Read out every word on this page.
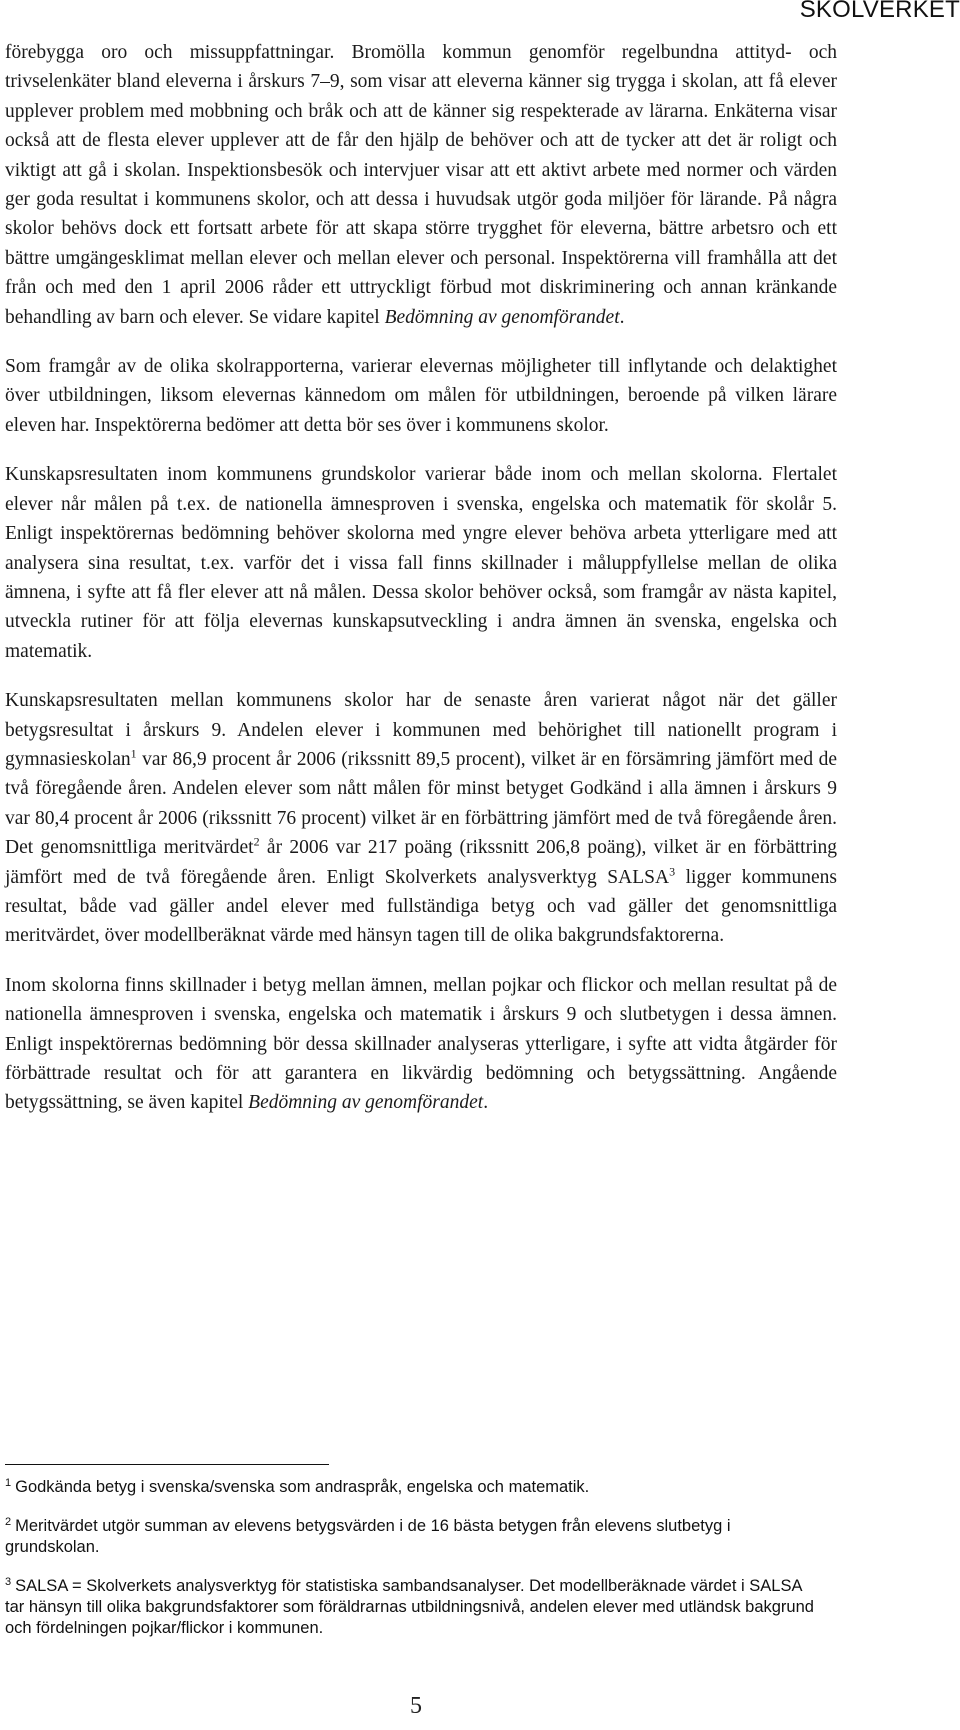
SKOLVERKET

förebygga oro och missuppfattningar. Bromölla kommun genomför regelbundna attityd- och trivselenkäter bland eleverna i årskurs 7–9, som visar att eleverna känner sig trygga i skolan, att få elever upplever problem med mobbning och bråk och att de känner sig respekterade av lärarna. Enkäterna visar också att de flesta elever upplever att de får den hjälp de behöver och att de tycker att det är roligt och viktigt att gå i skolan. Inspektionsbesök och intervjuer visar att ett aktivt arbete med normer och värden ger goda resultat i kommunens skolor, och att dessa i huvudsak utgör goda miljöer för lärande. På några skolor behövs dock ett fortsatt arbete för att skapa större trygghet för eleverna, bättre arbetsro och ett bättre umgängesklimat mellan elever och mellan elever och personal. Inspektörerna vill framhålla att det från och med den 1 april 2006 råder ett uttryckligt förbud mot diskriminering och annan kränkande behandling av barn och elever. Se vidare kapitel Bedömning av genomförandet.

Som framgår av de olika skolrapporterna, varierar elevernas möjligheter till inflytande och delaktighet över utbildningen, liksom elevernas kännedom om målen för utbildningen, beroende på vilken lärare eleven har. Inspektörerna bedömer att detta bör ses över i kommunens skolor.

Kunskapsresultaten inom kommunens grundskolor varierar både inom och mellan skolorna. Flertalet elever når målen på t.ex. de nationella ämnesproven i svenska, engelska och matematik för skolår 5. Enligt inspektörernas bedömning behöver skolorna med yngre elever behöva arbeta ytterligare med att analysera sina resultat, t.ex. varför det i vissa fall finns skillnader i måluppfyllelse mellan de olika ämnena, i syfte att få fler elever att nå målen. Dessa skolor behöver också, som framgår av nästa kapitel, utveckla rutiner för att följa elevernas kunskapsutveckling i andra ämnen än svenska, engelska och matematik.

Kunskapsresultaten mellan kommunens skolor har de senaste åren varierat något när det gäller betygsresultat i årskurs 9. Andelen elever i kommunen med behörighet till nationellt program i gymnasieskolan$^1$ var 86,9 procent år 2006 (rikssnitt 89,5 procent), vilket är en försämring jämfört med de två föregående åren. Andelen elever som nått målen för minst betyget Godkänd i alla ämnen i årskurs 9 var 80,4 procent år 2006 (rikssnitt 76 procent) vilket är en förbättring jämfört med de två föregående åren. Det genomsnittliga meritvärdet$^2$ år 2006 var 217 poäng (rikssnitt 206,8 poäng), vilket är en förbättring jämfört med de två föregående åren. Enligt Skolverkets analysverktyg SALSA$^3$ ligger kommunens resultat, både vad gäller andel elever med fullständiga betyg och vad gäller det genomsnittliga meritvärdet, över modellberäknat värde med hänsyn tagen till de olika bakgrundsfaktorerna.

Inom skolorna finns skillnader i betyg mellan ämnen, mellan pojkar och flickor och mellan resultat på de nationella ämnesproven i svenska, engelska och matematik i årskurs 9 och slutbetygen i dessa ämnen. Enligt inspektörernas bedömning bör dessa skillnader analyseras ytterligare, i syfte att vidta åtgärder för förbättrade resultat och för att garantera en likvärdig bedömning och betygssättning. Angående betygssättning, se även kapitel Bedömning av genomförandet.

$^1$ Godkända betyg i svenska/svenska som andraspråk, engelska och matematik.
$^2$ Meritvärdet utgör summan av elevens betygsvärden i de 16 bästa betygen från elevens slutbetyg i grundskolan.
$^3$ SALSA = Skolverkets analysverktyg för statistiska sambandsanalyser. Det modellberäknade värdet i SALSA tar hänsyn till olika bakgrundsfaktorer som föräldrarnas utbildningsnivå, andelen elever med utländsk bakgrund och fördelningen pojkar/flickor i kommunen.
5
